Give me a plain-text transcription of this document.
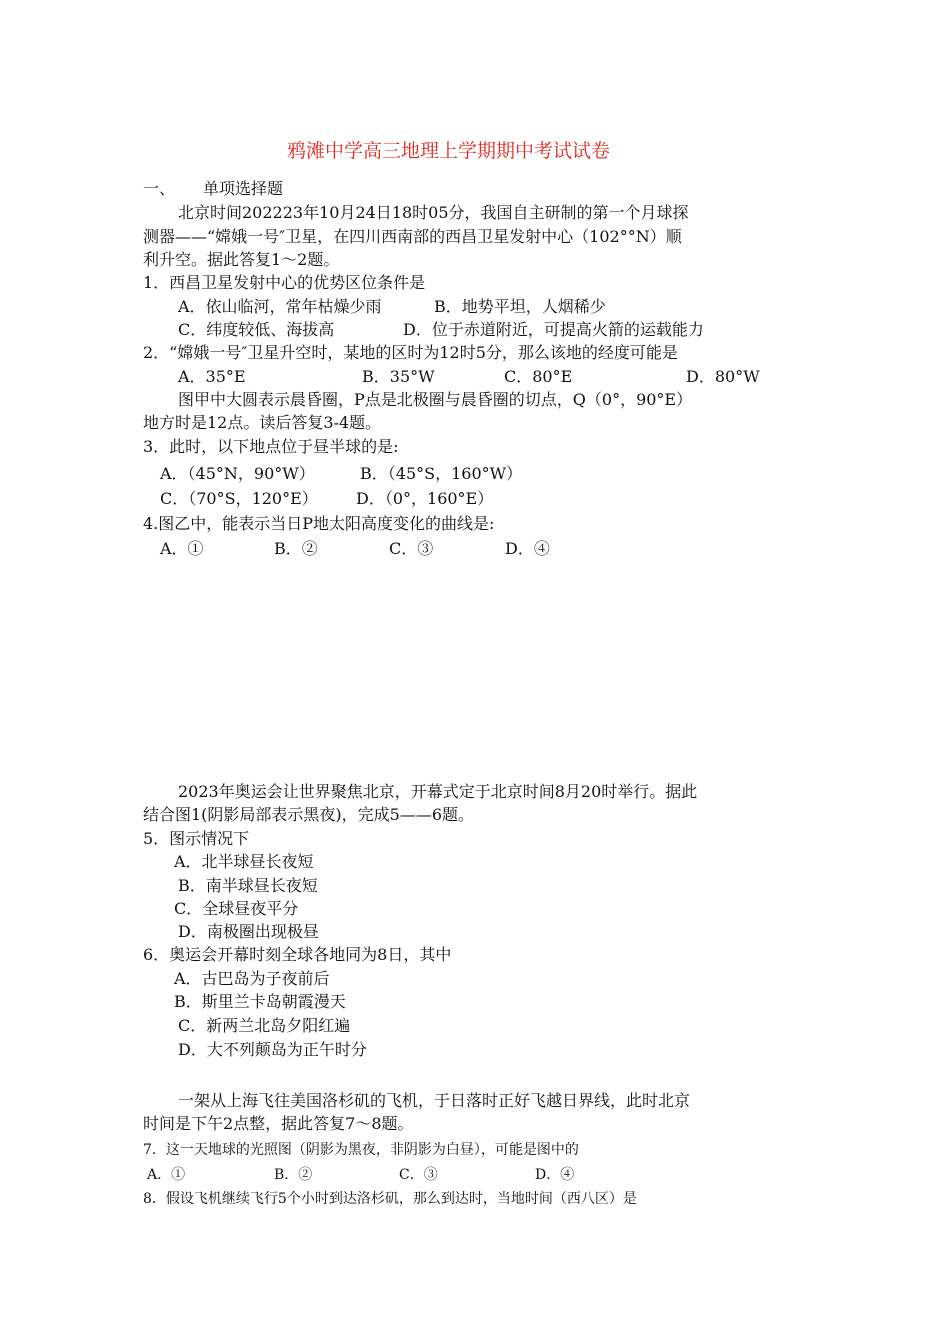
鸦滩中学高三地理上学期期中考试试卷
一、 单项选择题
北京时间202223年10月24日18时05分，我国自主研制的第一个月球探
测器——“嫦娥一号″卫星，在四川西南部的西昌卫星发射中心（102°°N）顺
利升空。据此答复1～2题。
1．西昌卫星发射中心的优势区位条件是
A．依山临河，常年枯燥少雨	B．地势平坦，人烟稀少
C．纬度较低、海拔高	D．位于赤道附近，可提高火箭的运载能力
2．“嫦娥一号″卫星升空时，某地的区时为12时5分，那么该地的经度可能是
A．35°E	B．35°W	C．80°E	D．80°W
图甲中大圆表示晨昏圈，P点是北极圈与晨昏圈的切点，Q（0°，90°E）
地方时是12点。读后答复3-4题。
3．此时，以下地点位于昼半球的是:
A．（45°N，90°W）	B．（45°S，160°W）
C．（70°S，120°E） D．（0°，160°E）
4.图乙中，能表示当日P地太阳高度变化的曲线是:
A．①	B．②	C．③	D．④
2023年奥运会让世界聚焦北京，开幕式定于北京时间8月20时举行。据此
结合图1(阴影局部表示黑夜)，完成5——6题。
5．图示情况下
A．北半球昼长夜短
B．南半球昼长夜短
C．全球昼夜平分
D．南极圈出现极昼
6．奥运会开幕时刻全球各地同为8日，其中
A．古巴岛为子夜前后
B．斯里兰卡岛朝霞漫天
C．新两兰北岛夕阳红遍
D．大不列颠岛为正午时分
一架从上海飞往美国洛杉矶的飞机，于日落时正好飞越日界线，此时北京
时间是下午2点整，据此答复7～8题。
7．这一天地球的光照图（阴影为黑夜，非阴影为白昼），可能是图中的
A．①	B．②	C．③	D．④
8．假设飞机继续飞行5个小时到达洛杉矶，那么到达时，当地时间（西八区）是
